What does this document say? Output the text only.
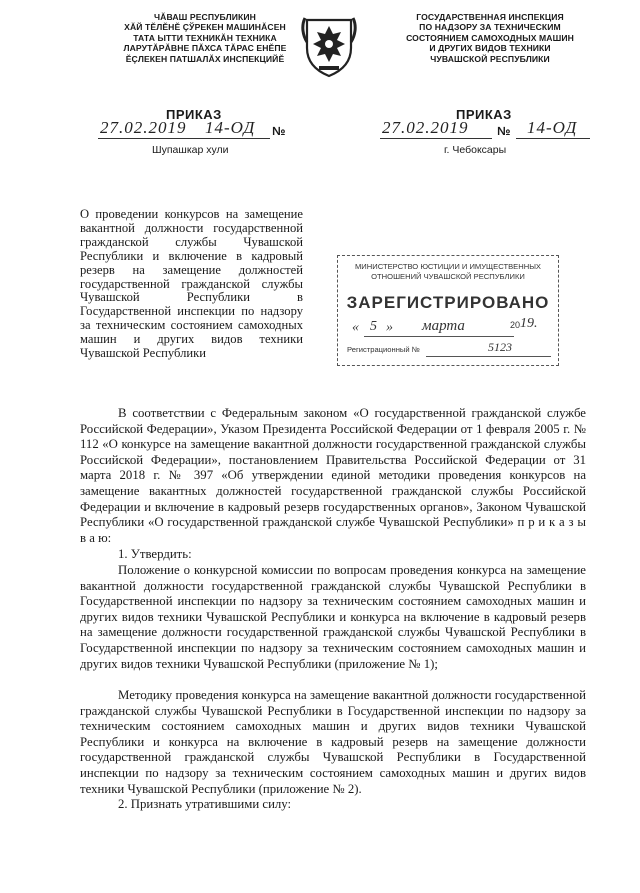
ЧĂВАШ РЕСПУБЛИКИН
ХĂЙ ТĔЛĔНĔ ÇЎРЕКЕН МАШИНĂСЕН
ТАТА ЫТТИ ТЕХНИКĂН ТЕХНИКА
ЛАРУТĂРĂВНЕ ПĂХСА ТĂРАС ЕНĔПЕ
ĔÇЛЕКЕН ПАТШАЛĂХ ИНСПЕКЦИЙĔ
ГОСУДАРСТВЕННАЯ ИНСПЕКЦИЯ
ПО НАДЗОРУ ЗА ТЕХНИЧЕСКИМ
СОСТОЯНИЕМ САМОХОДНЫХ МАШИН
И ДРУГИХ ВИДОВ ТЕХНИКИ
ЧУВАШСКОЙ РЕСПУБЛИКИ
ПРИКАЗ
27.02.2019 14-ОД №
Шупашкар хули
ПРИКАЗ
27.02.2019 № 14-ОД
г. Чебоксары

О проведении конкурсов на замещение вакантной должности государственной гражданской службы Чувашской Республики и включение в кадровый резерв на замещение должностей государственной гражданской службы Чувашской Республики в Государственной инспекции по надзору за техническим состоянием самоходных машин и других видов техники Чувашской Республики

МИНИСТЕРСТВО ЮСТИЦИИ И ИМУЩЕСТВЕННЫХ
ОТНОШЕНИЙ ЧУВАШСКОЙ РЕСПУБЛИКИ
ЗАРЕГИСТРИРОВАНО
« 5 » марта	20 19.
Регистрационный №	5123

В соответствии с Федеральным законом «О государственной гражданской службе Российской Федерации», Указом Президента Российской Федерации от 1 февраля 2005 г. № 112 «О конкурсе на замещение вакантной должности государственной гражданской службы Российской Федерации», постановлением Правительства Российской Федерации от 31 марта 2018 г. № 397 «Об утверждении единой методики проведения конкурсов на замещение вакантных должностей государственной гражданской службы Российской Федерации и включение в кадровый резерв государственных органов», Законом Чувашской Республики «О государственной гражданской службе Чувашской Республики» п р и к а з ы в а ю:

1. Утвердить:

Положение о конкурсной комиссии по вопросам проведения конкурса на замещение вакантной должности государственной гражданской службы Чувашской Республики в Государственной инспекции по надзору за техническим состоянием самоходных машин и других видов техники Чувашской Республики и конкурса на включение в кадровый резерв на замещение должности государственной гражданской службы Чувашской Республики в Государственной инспекции по надзору за техническим состоянием самоходных машин и других видов техники Чувашской Республики (приложение № 1);

Методику проведения конкурса на замещение вакантной должности государственной гражданской службы Чувашской Республики в Государственной инспекции по надзору за техническим состоянием самоходных машин и других видов техники Чувашской Республики и конкурса на включение в кадровый резерв на замещение должности государственной гражданской службы Чувашской Республики в Государственной инспекции по надзору за техническим состоянием самоходных машин и других видов техники Чувашской Республики (приложение № 2).

2. Признать утратившими силу:
